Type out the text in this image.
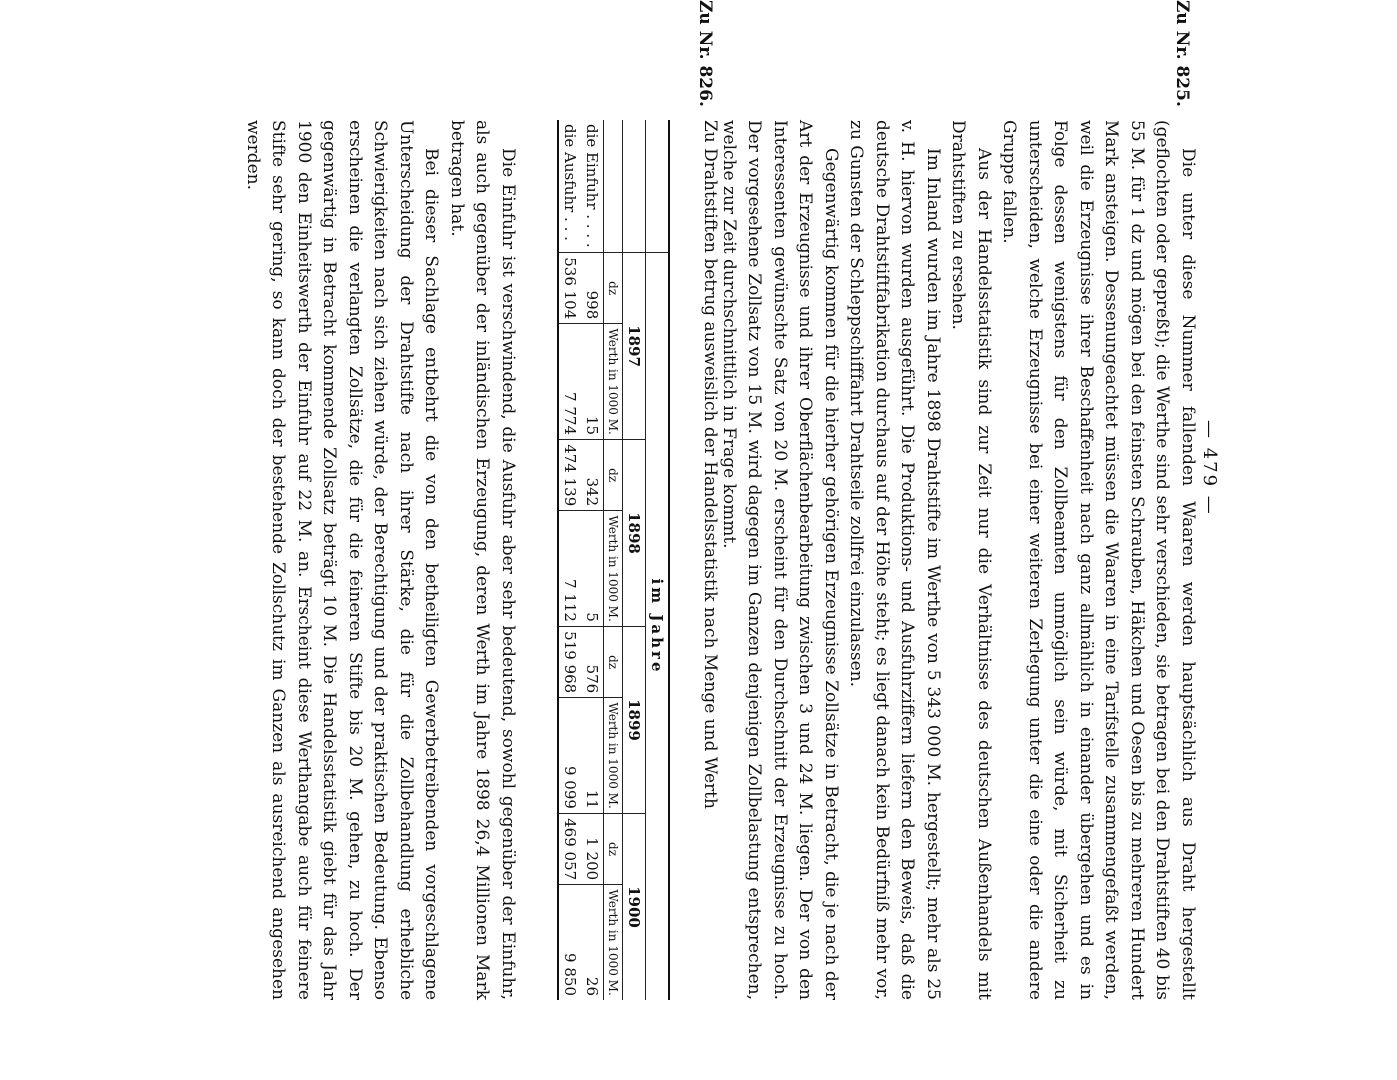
— 479 —
Zu Nr. 825.

Die unter diese Nummer fallenden Waaren werden hauptsächlich aus Draht hergestellt (geflochten oder gepreßt); die Werthe sind sehr verschieden, sie betragen bei den Drahtstiften 40 bis 55 M. für 1 dz und mögen bei den feinsten Schrauben, Häkchen und Oesen bis zu mehreren Hundert Mark ansteigen. Dessenungeachtet müssen die Waaren in eine Tarifstelle zusammengefaßt werden, weil die Erzeugnisse ihrer Beschaffenheit nach ganz allmählich in einander übergehen und es in Folge dessen wenigstens für den Zollbeamten unmöglich sein würde, mit Sicherheit zu unterscheiden, welche Erzeugnisse bei einer weiteren Zerlegung unter die eine oder die andere Gruppe fallen.

Aus der Handelsstatistik sind zur Zeit nur die Verhältnisse des deutschen Außenhandels mit Drahtstiften zu ersehen.

Im Inland wurden im Jahre 1898 Drahtstifte im Werthe von 5 343 000 M. hergestellt; mehr als 25 v. H. hiervon wurden ausgeführt. Die Produktions- und Ausfuhrziffern liefern den Beweis, daß die deutsche Drahtstiftfabrikation durchaus auf der Höhe steht; es liegt danach kein Bedürfniß mehr vor, zu Gunsten der Schleppschifffahrt Drahtseile zollfrei einzulassen.

Gegenwärtig kommen für die hierher gehörigen Erzeugnisse Zollsätze in Betracht, die je nach der Art der Erzeugnisse und ihrer Oberflächenbearbeitung zwischen 3 und 24 M. liegen. Der von den Interessenten gewünschte Satz von 20 M. erscheint für den Durchschnitt der Erzeugnisse zu hoch. Der vorgesehene Zollsatz von 15 M. wird dagegen im Ganzen denjenigen Zollbelastung entsprechen, welche zur Zeit durchschnittlich in Frage kommt.

Zu Nr. 826.
Zu Drahtstiften betrug ausweislich der Handelsstatistik nach Menge und Werth
	im Jahre							
	1897		1898		1899		1900	
	dz	Werth in 1000 M.	dz	Werth in 1000 M.	dz	Werth in 1000 M.	dz	Werth in 1000 M.
die Einfuhr . . . .	998	15	342	5	576	11	1 200	26
die Ausfuhr . . .	536 104	7 774	474 139	7 112	519 968	9 099	469 057	9 850

Die Einfuhr ist verschwindend, die Ausfuhr aber sehr bedeutend, sowohl gegenüber der Einfuhr, als auch gegenüber der inländischen Erzeugung, deren Werth im Jahre 1898 26,4 Millionen Mark betragen hat.

Bei dieser Sachlage entbehrt die von den betheiligten Gewerbetreibenden vorgeschlagene Unterscheidung der Drahtstifte nach ihrer Stärke, die für die Zollbehandlung erhebliche Schwierigkeiten nach sich ziehen würde, der Berechtigung und der praktischen Bedeutung. Ebenso erscheinen die verlangten Zollsätze, die für die feineren Stifte bis 20 M. gehen, zu hoch. Der gegenwärtig in Betracht kommende Zollsatz beträgt 10 M. Die Handelsstatistik giebt für das Jahr 1900 den Einheitswerth der Einfuhr auf 22 M. an. Erscheint diese Werthangabe auch für feinere Stifte sehr gering, so kann doch der bestehende Zollschutz im Ganzen als ausreichend angesehen werden.
